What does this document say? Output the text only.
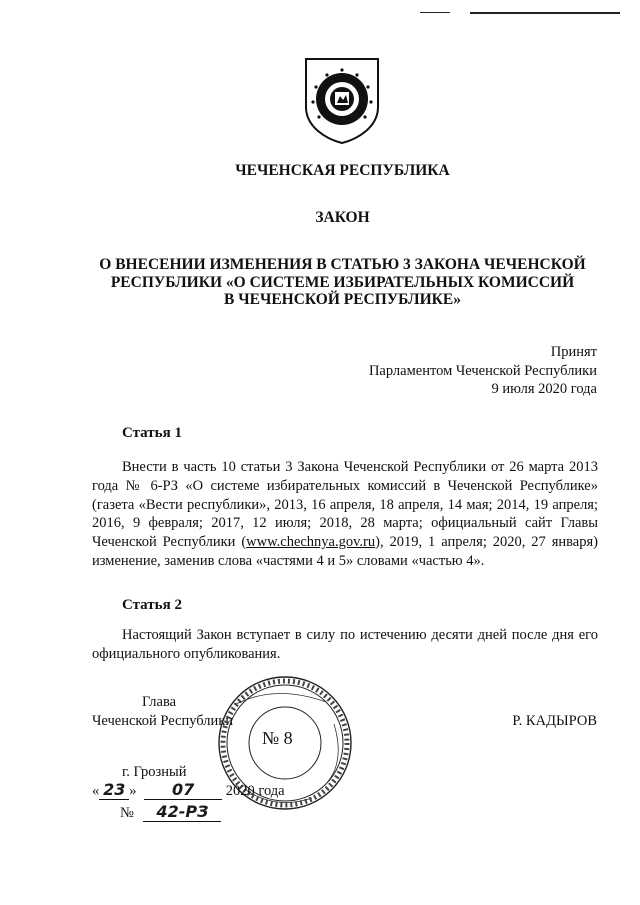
ЧЕЧЕНСКАЯ РЕСПУБЛИКА
ЗАКОН
О ВНЕСЕНИИ ИЗМЕНЕНИЯ В СТАТЬЮ 3 ЗАКОНА ЧЕЧЕНСКОЙ
РЕСПУБЛИКИ «О СИСТЕМЕ ИЗБИРАТЕЛЬНЫХ КОМИССИЙ
В ЧЕЧЕНСКОЙ РЕСПУБЛИКЕ»
Принят
Парламентом Чеченской Республики
9 июля 2020 года
Статья 1
Внести в часть 10 статьи 3 Закона Чеченской Республики от 26 марта 2013 года № 6-РЗ «О системе избирательных комиссий в Чеченской Республике» (газета «Вести республики», 2013, 16 апреля, 18 апреля, 14 мая; 2014, 19 апреля; 2016, 9 февраля; 2017, 12 июля; 2018, 28 марта; официальный сайт Главы Чеченской Республики (www.chechnya.gov.ru), 2019, 1 апреля; 2020, 27 января) изменение, заменив слова «частями 4 и 5» словами «частью 4».
Статья 2
Настоящий Закон вступает в силу по истечению десяти дней после дня его официального опубликования.
Глава
Чеченской Республики	Р. КАДЫРОВ
№ 8
г. Грозный
« 23 » 07 2020 года
№ 42-РЗ
